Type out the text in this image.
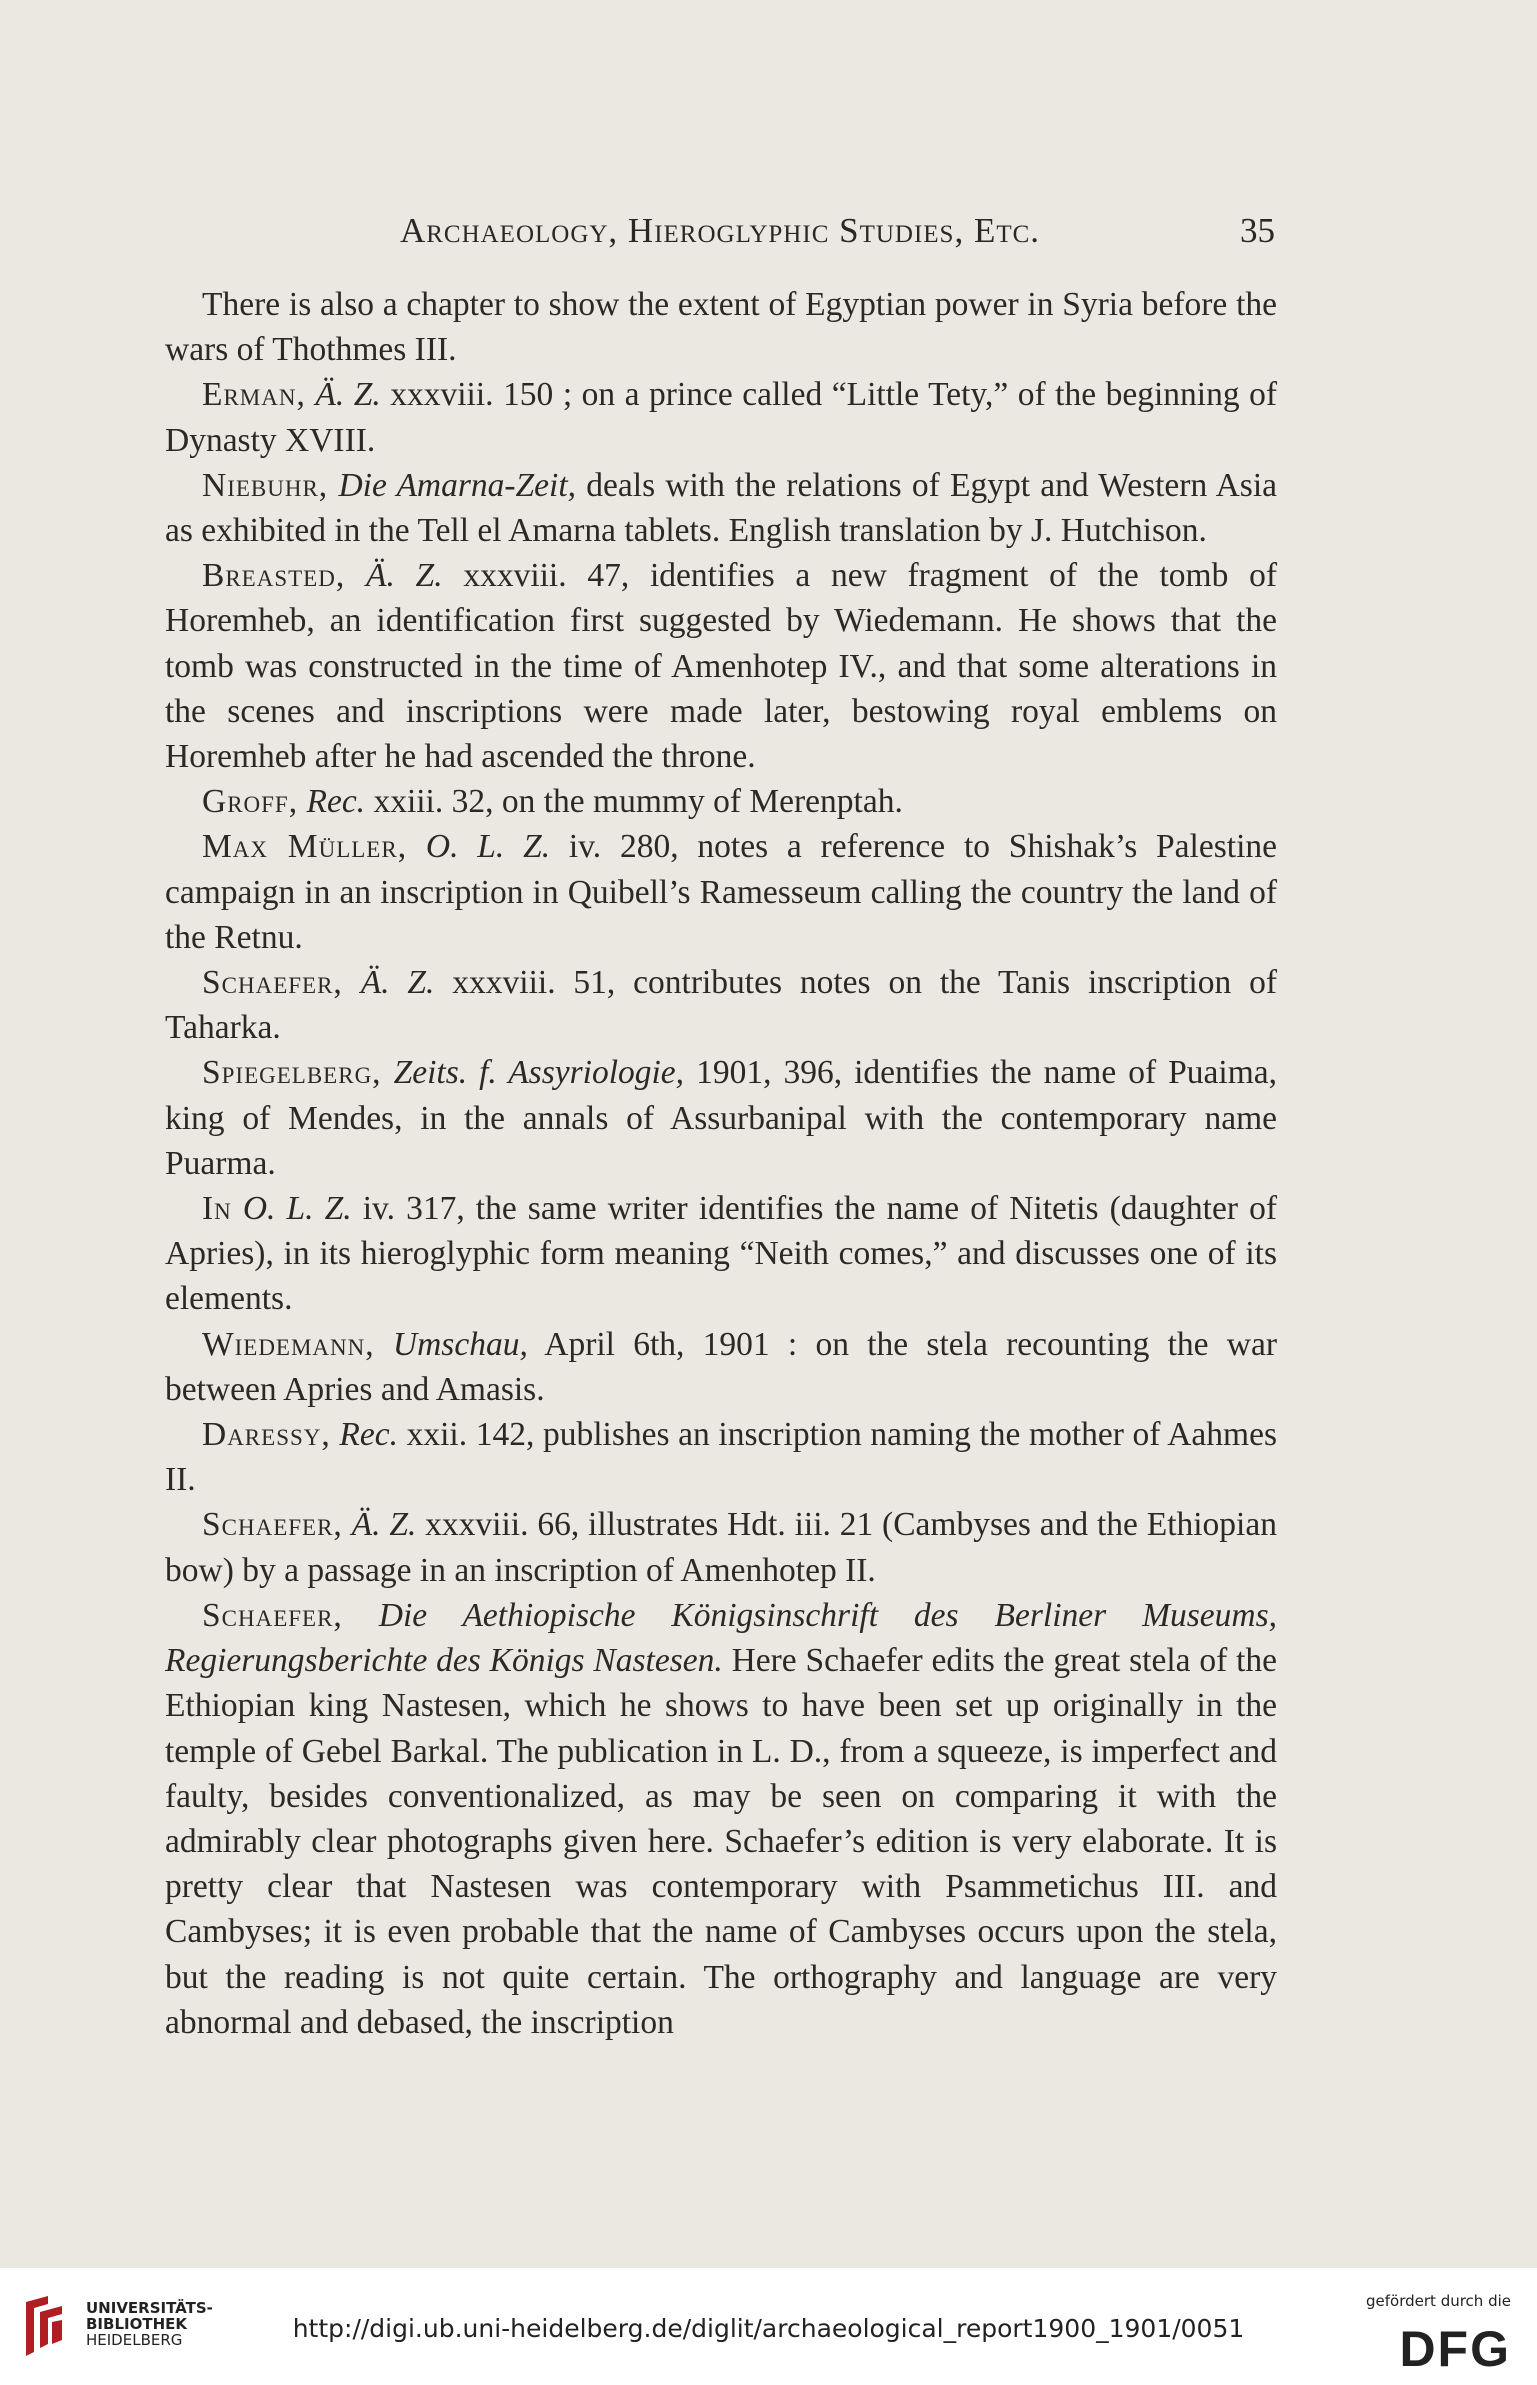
Archaeology, Hieroglyphic Studies, Etc.	35

There is also a chapter to show the extent of Egyptian power in Syria before the wars of Thothmes III.

Erman, Ä. Z. xxxviii. 150 ; on a prince called “Little Tety,” of the beginning of Dynasty XVIII.

Niebuhr, Die Amarna-Zeit, deals with the relations of Egypt and Western Asia as exhibited in the Tell el Amarna tablets. English translation by J. Hutchison.

Breasted, Ä. Z. xxxviii. 47, identifies a new fragment of the tomb of Horemheb, an identification first suggested by Wiedemann. He shows that the tomb was constructed in the time of Amenhotep IV., and that some alterations in the scenes and inscriptions were made later, bestowing royal emblems on Horemheb after he had ascended the throne.

Groff, Rec. xxiii. 32, on the mummy of Merenptah.

Max Müller, O. L. Z. iv. 280, notes a reference to Shishak’s Palestine campaign in an inscription in Quibell’s Ramesseum calling the country the land of the Retnu.

Schaefer, Ä. Z. xxxviii. 51, contributes notes on the Tanis inscription of Taharka.

Spiegelberg, Zeits. f. Assyriologie, 1901, 396, identifies the name of Puaima, king of Mendes, in the annals of Assurbanipal with the contemporary name Puarma.

In O. L. Z. iv. 317, the same writer identifies the name of Nitetis (daughter of Apries), in its hieroglyphic form meaning “Neith comes,” and discusses one of its elements.

Wiedemann, Umschau, April 6th, 1901 : on the stela recounting the war between Apries and Amasis.

Daressy, Rec. xxii. 142, publishes an inscription naming the mother of Aahmes II.

Schaefer, Ä. Z. xxxviii. 66, illustrates Hdt. iii. 21 (Cambyses and the Ethiopian bow) by a passage in an inscription of Amenhotep II.

Schaefer, Die Aethiopische Königsinschrift des Berliner Museums, Regierungsberichte des Königs Nastesen. Here Schaefer edits the great stela of the Ethiopian king Nastesen, which he shows to have been set up originally in the temple of Gebel Barkal. The publication in L. D., from a squeeze, is imperfect and faulty, besides conventionalized, as may be seen on comparing it with the admirably clear photographs given here. Schaefer’s edition is very elaborate. It is pretty clear that Nastesen was contemporary with Psammetichus III. and Cambyses; it is even probable that the name of Cambyses occurs upon the stela, but the reading is not quite certain. The orthography and language are very abnormal and debased, the inscription

UNIVERSITÄTS-
BIBLIOTHEK
HEIDELBERG	http://digi.ub.uni-heidelberg.de/diglit/archaeological_report1900_1901/0051
gefördert durch die
DFG
